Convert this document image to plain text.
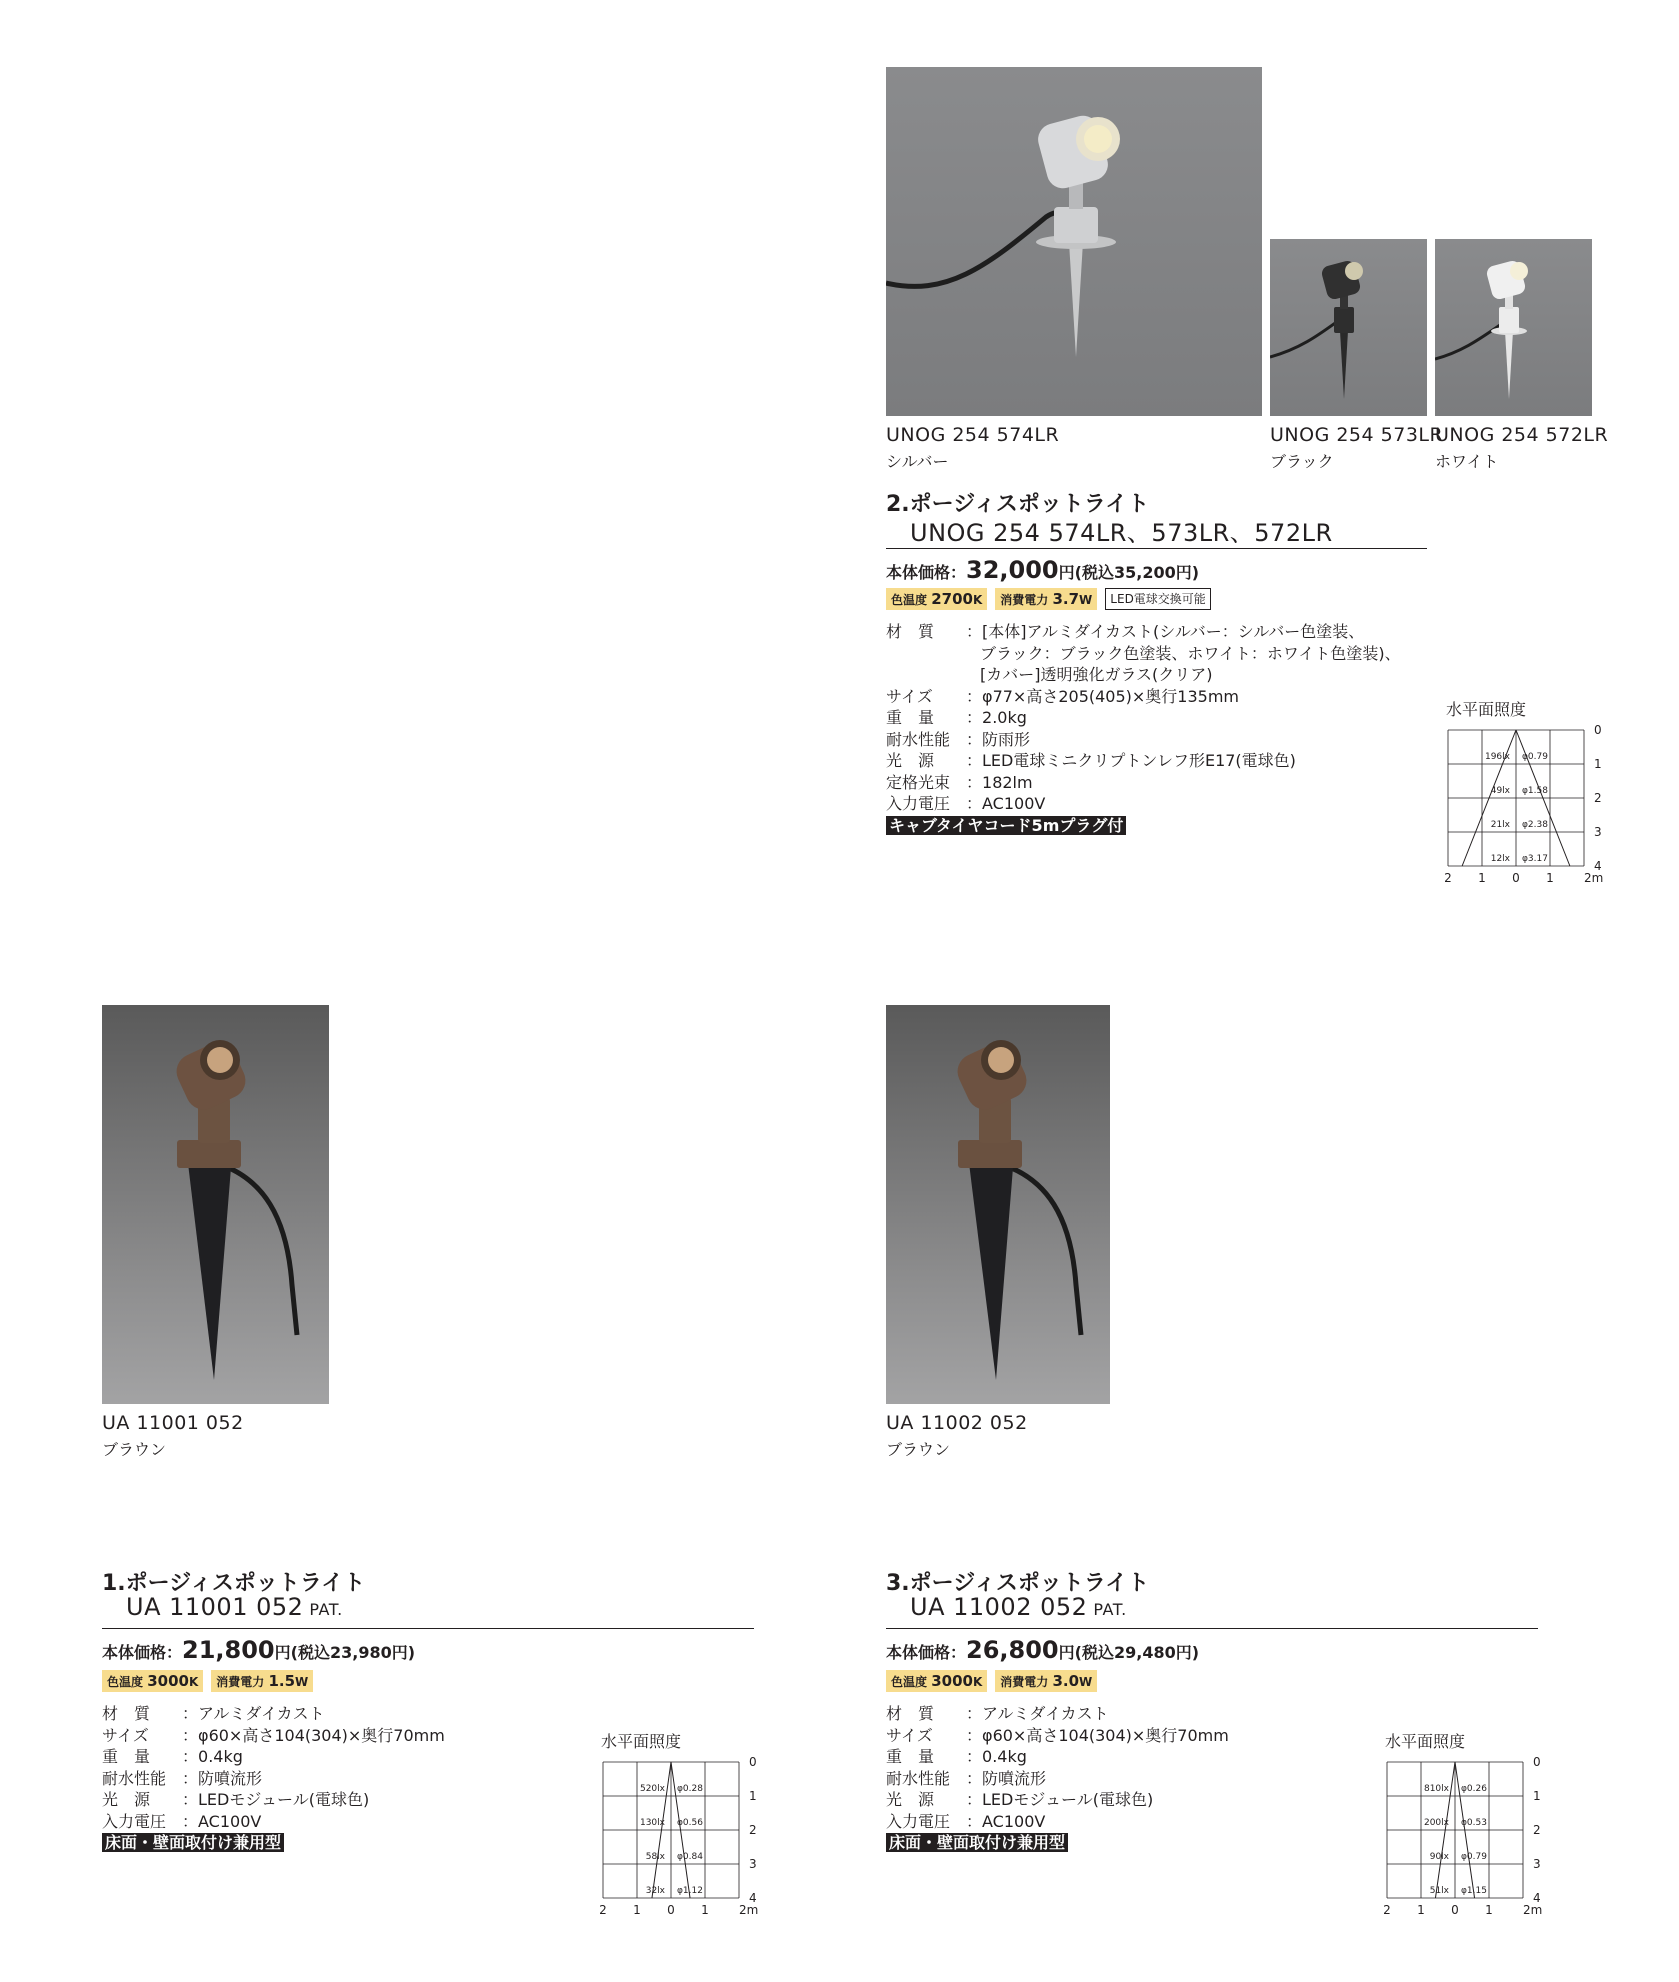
UNOG 254 574LR
シルバー
UNOG 254 573LR
ブラック
UNOG 254 572LR
ホワイト
2.ポージィスポットライト
UNOG 254 574LR、573LR、572LR
本体価格：32,000円(税込35,200円)
色温度 2700K	消費電力 3.7W	LED電球交換可能
材　質 ：[本体]アルミダイカスト(シルバー：シルバー色塗装、
ブラック：ブラック色塗装、ホワイト：ホワイト色塗装)、
[カバー]透明強化ガラス(クリア)
サイズ ：φ77×高さ205(405)×奥行135mm
重　量 ：2.0kg
耐水性能 ：防雨形
光　源 ：LED電球ミニクリプトンレフ形E17(電球色)
定格光束 ：182lm
入力電圧 ：AC100V
キャブタイヤコード5mプラグ付
水平面照度
196lx φ0.79
49lx φ1.58
21lx φ2.38
12lx φ3.17
0
1
2
3
4
2 1 0 1	2m
UA 11001 052
ブラウン
UA 11002 052
ブラウン
1.ポージィスポットライト
UA 11001 052 PAT.
本体価格：21,800円(税込23,980円)
色温度 3000K	消費電力 1.5W
材　質 ：アルミダイカスト
サイズ ：φ60×高さ104(304)×奥行70mm
重　量 ：0.4kg
耐水性能 ：防噴流形
光　源 ：LEDモジュール(電球色)
入力電圧 ：AC100V
床面・壁面取付け兼用型
水平面照度
520lx φ0.28
130lx φ0.56
58lx φ0.84
32lx φ1.12
0
1
2
3
4
2 1 0 1	2m
3.ポージィスポットライト
UA 11002 052 PAT.
本体価格：26,800円(税込29,480円)
色温度 3000K	消費電力 3.0W
材　質 ：アルミダイカスト
サイズ ：φ60×高さ104(304)×奥行70mm
重　量 ：0.4kg
耐水性能 ：防噴流形
光　源 ：LEDモジュール(電球色)
入力電圧 ：AC100V
床面・壁面取付け兼用型
水平面照度
810lx φ0.26
200lx φ0.53
90lx φ0.79
51lx φ1.15
0
1
2
3
4
2 1 0 1	2m
